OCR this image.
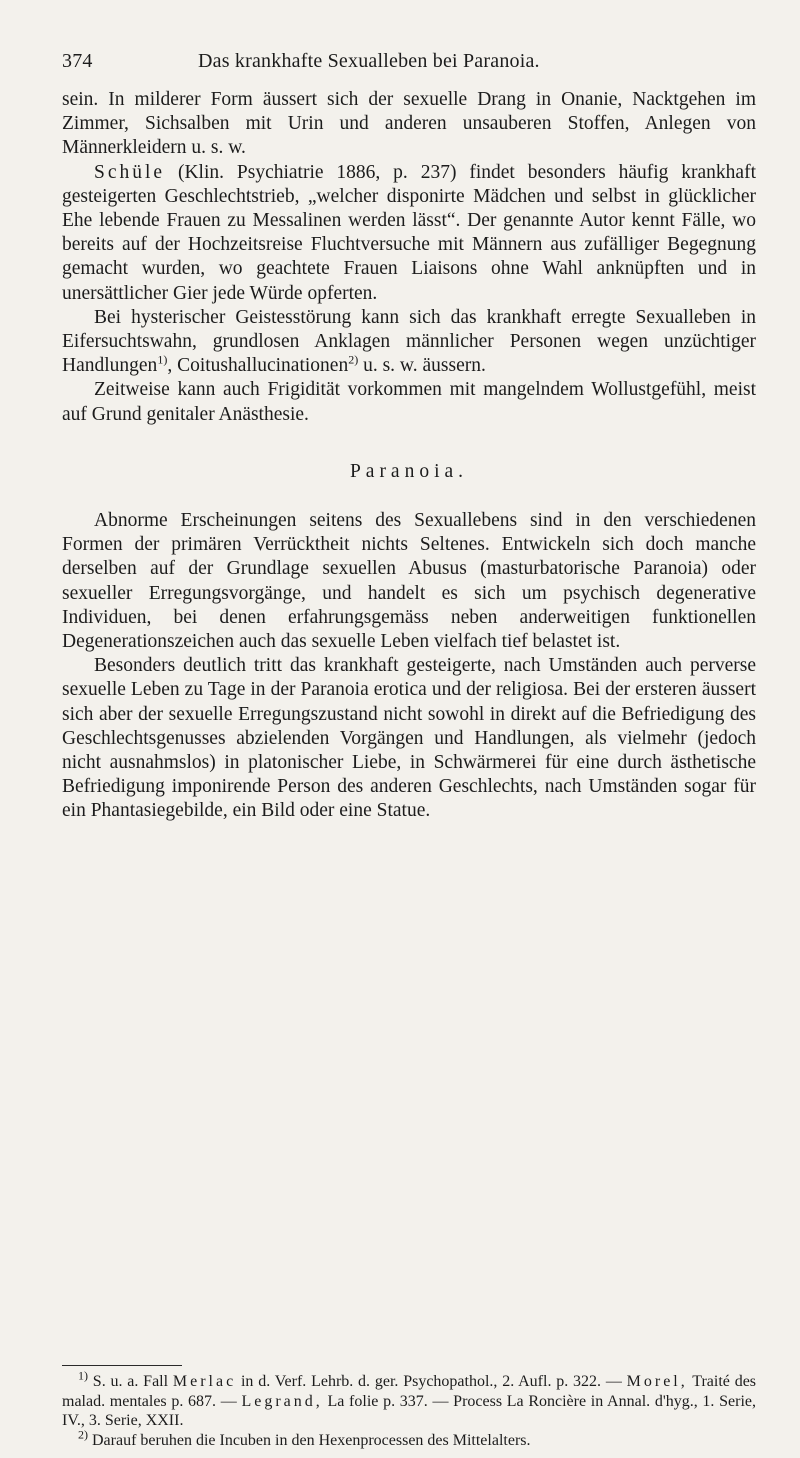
374	Das krankhafte Sexualleben bei Paranoia.

sein. In milderer Form äussert sich der sexuelle Drang in Onanie, Nacktgehen im Zimmer, Sichsalben mit Urin und anderen unsauberen Stoffen, Anlegen von Männerkleidern u. s. w.

Schüle (Klin. Psychiatrie 1886, p. 237) findet besonders häufig krankhaft gesteigerten Geschlechtstrieb, „welcher disponirte Mädchen und selbst in glücklicher Ehe lebende Frauen zu Messalinen werden lässt“. Der genannte Autor kennt Fälle, wo bereits auf der Hochzeitsreise Fluchtversuche mit Männern aus zufälliger Begegnung gemacht wurden, wo geachtete Frauen Liaisons ohne Wahl anknüpften und in unersättlicher Gier jede Würde opferten.

Bei hysterischer Geistesstörung kann sich das krankhaft erregte Sexualleben in Eifersuchtswahn, grundlosen Anklagen männlicher Personen wegen unzüchtiger Handlungen$^{1)}$, Coitushallucinationen$^{2)}$ u. s. w. äussern.

Zeitweise kann auch Frigidität vorkommen mit mangelndem Wollustgefühl, meist auf Grund genitaler Anästhesie.

Paranoia.

Abnorme Erscheinungen seitens des Sexuallebens sind in den verschiedenen Formen der primären Verrücktheit nichts Seltenes. Entwickeln sich doch manche derselben auf der Grundlage sexuellen Abusus (masturbatorische Paranoia) oder sexueller Erregungsvorgänge, und handelt es sich um psychisch degenerative Individuen, bei denen erfahrungsgemäss neben anderweitigen funktionellen Degenerationszeichen auch das sexuelle Leben vielfach tief belastet ist.

Besonders deutlich tritt das krankhaft gesteigerte, nach Umständen auch perverse sexuelle Leben zu Tage in der Paranoia erotica und der religiosa. Bei der ersteren äussert sich aber der sexuelle Erregungszustand nicht sowohl in direkt auf die Befriedigung des Geschlechtsgenusses abzielenden Vorgängen und Handlungen, als vielmehr (jedoch nicht ausnahmslos) in platonischer Liebe, in Schwärmerei für eine durch ästhetische Befriedigung imponirende Person des anderen Geschlechts, nach Umständen sogar für ein Phantasiegebilde, ein Bild oder eine Statue.

$^{1)}$ S. u. a. Fall Merlac in d. Verf. Lehrb. d. ger. Psychopathol., 2. Aufl. p. 322. — Morel, Traité des malad. mentales p. 687. — Legrand, La folie p. 337. — Process La Roncière in Annal. d'hyg., 1. Serie, IV., 3. Serie, XXII.

$^{2)}$ Darauf beruhen die Incuben in den Hexenprocessen des Mittelalters.
